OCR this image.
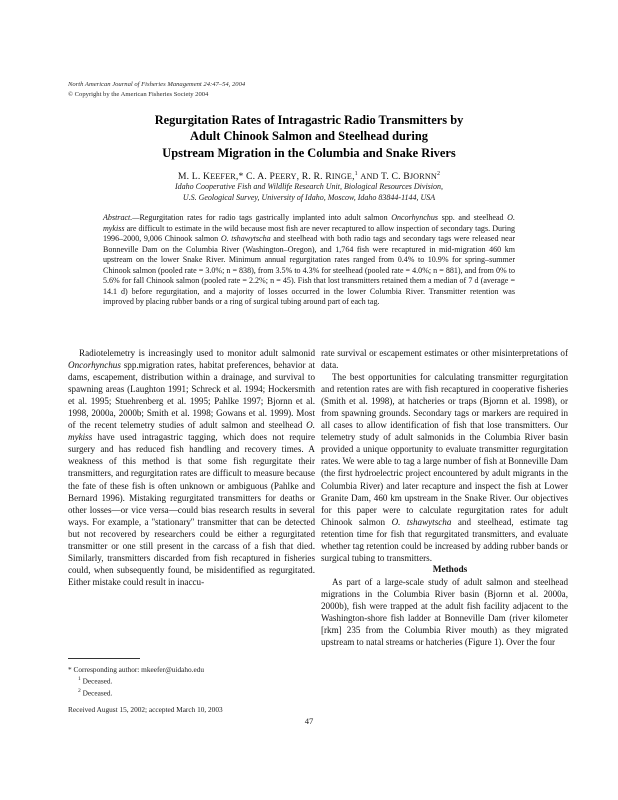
North American Journal of Fisheries Management 24:47–54, 2004
© Copyright by the American Fisheries Society 2004
Regurgitation Rates of Intragastric Radio Transmitters by
Adult Chinook Salmon and Steelhead during
Upstream Migration in the Columbia and Snake Rivers
M. L. KEEFER,* C. A. PEERY, R. R. RINGE,$^1$ AND T. C. BJORNN$^2$
Idaho Cooperative Fish and Wildlife Research Unit, Biological Resources Division,
U.S. Geological Survey, University of Idaho, Moscow, Idaho 83844-1144, USA
Abstract.—Regurgitation rates for radio tags gastrically implanted into adult salmon Oncorhynchus spp. and steelhead O. mykiss are difficult to estimate in the wild because most fish are never recaptured to allow inspection of secondary tags. During 1996–2000, 9,006 Chinook salmon O. tshawytscha and steelhead with both radio tags and secondary tags were released near Bonneville Dam on the Columbia River (Washington–Oregon), and 1,764 fish were recaptured in mid-migration 460 km upstream on the lower Snake River. Minimum annual regurgitation rates ranged from 0.4% to 10.9% for spring–summer Chinook salmon (pooled rate = 3.0%; n = 838), from 3.5% to 4.3% for steelhead (pooled rate = 4.0%; n = 881), and from 0% to 5.6% for fall Chinook salmon (pooled rate = 2.2%; n = 45). Fish that lost transmitters retained them a median of 7 d (average = 14.1 d) before regurgitation, and a majority of losses occurred in the lower Columbia River. Transmitter retention was improved by placing rubber bands or a ring of surgical tubing around part of each tag.

Radiotelemetry is increasingly used to monitor adult salmonid Oncorhynchus spp.migration rates, habitat preferences, behavior at dams, escapement, distribution within a drainage, and survival to spawning areas (Laughton 1991; Schreck et al. 1994; Hockersmith et al. 1995; Stuehrenberg et al. 1995; Pahlke 1997; Bjornn et al. 1998, 2000a, 2000b; Smith et al. 1998; Gowans et al. 1999). Most of the recent telemetry studies of adult salmon and steelhead O. mykiss have used intragastric tagging, which does not require surgery and has reduced fish handling and recovery times. A weakness of this method is that some fish regurgitate their transmitters, and regurgitation rates are difficult to measure because the fate of these fish is often unknown or ambiguous (Pahlke and Bernard 1996). Mistaking regurgitated transmitters for deaths or other losses—or vice versa—could bias research results in several ways. For example, a ''stationary'' transmitter that can be detected but not recovered by researchers could be either a regurgitated transmitter or one still present in the carcass of a fish that died. Similarly, transmitters discarded from fish recaptured in fisheries could, when subsequently found, be misidentified as regurgitated. Either mistake could result in inaccu-

rate survival or escapement estimates or other misinterpretations of data.

The best opportunities for calculating transmitter regurgitation and retention rates are with fish recaptured in cooperative fisheries (Smith et al. 1998), at hatcheries or traps (Bjornn et al. 1998), or from spawning grounds. Secondary tags or markers are required in all cases to allow identification of fish that lose transmitters. Our telemetry study of adult salmonids in the Columbia River basin provided a unique opportunity to evaluate transmitter regurgitation rates. We were able to tag a large number of fish at Bonneville Dam (the first hydroelectric project encountered by adult migrants in the Columbia River) and later recapture and inspect the fish at Lower Granite Dam, 460 km upstream in the Snake River. Our objectives for this paper were to calculate regurgitation rates for adult Chinook salmon O. tshawytscha and steelhead, estimate tag retention time for fish that regurgitated transmitters, and evaluate whether tag retention could be increased by adding rubber bands or surgical tubing to transmitters.

Methods

As part of a large-scale study of adult salmon and steelhead migrations in the Columbia River basin (Bjornn et al. 2000a, 2000b), fish were trapped at the adult fish facility adjacent to the Washington-shore fish ladder at Bonneville Dam (river kilometer [rkm] 235 from the Columbia River mouth) as they migrated upstream to natal streams or hatcheries (Figure 1). Over the four

* Corresponding author: mkeefer@uidaho.edu
$^1$ Deceased.
$^2$ Deceased.
Received August 15, 2002; accepted March 10, 2003
47
